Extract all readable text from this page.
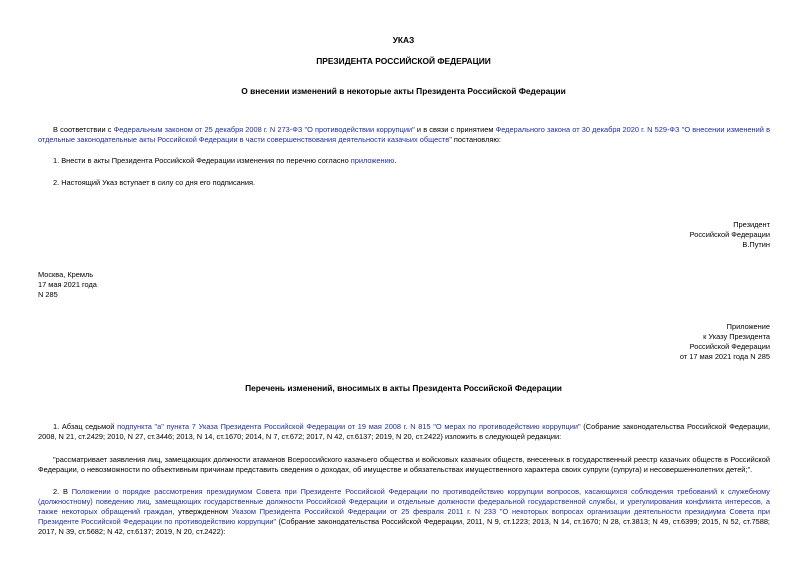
УКАЗ
ПРЕЗИДЕНТА РОССИЙСКОЙ ФЕДЕРАЦИИ
О внесении изменений в некоторые акты Президента Российской Федерации
В соответствии с Федеральным законом от 25 декабря 2008 г. N 273-ФЗ "О противодействии коррупции" и в связи с принятием Федерального закона от 30 декабря 2020 г. N 529-ФЗ "О внесении изменений в отдельные законодательные акты Российской Федерации в части совершенствования деятельности казачьих обществ" постановляю:
1. Внести в акты Президента Российской Федерации изменения по перечню согласно приложению.
2. Настоящий Указ вступает в силу со дня его подписания.
Президент
Российской Федерации
В.Путин
Москва, Кремль
17 мая 2021 года
N 285
Приложение
к Указу Президента
Российской Федерации
от 17 мая 2021 года N 285
Перечень изменений, вносимых в акты Президента Российской Федерации
1. Абзац седьмой подпункта "а" пункта 7 Указа Президента Российской Федерации от 19 мая 2008 г. N 815 "О мерах по противодействию коррупции" (Собрание законодательства Российской Федерации, 2008, N 21, ст.2429; 2010, N 27, ст.3446; 2013, N 14, ст.1670; 2014, N 7, ст.672; 2017, N 42, ст.6137; 2019, N 20, ст.2422) изложить в следующей редакции:
"рассматривает заявления лиц, замещающих должности атаманов Всероссийского казачьего общества и войсковых казачьих обществ, внесенных в государственный реестр казачьих обществ в Российской Федерации, о невозможности по объективным причинам представить сведения о доходах, об имуществе и обязательствах имущественного характера своих супруги (супруга) и несовершеннолетних детей;".
2. В Положении о порядке рассмотрения президиумом Совета при Президенте Российской Федерации по противодействию коррупции вопросов, касающихся соблюдения требований к служебному (должностному) поведению лиц, замещающих государственные должности Российской Федерации и отдельные должности федеральной государственной службы, и урегулирования конфликта интересов, а также некоторых обращений граждан, утвержденном Указом Президента Российской Федерации от 25 февраля 2011 г. N 233 "О некоторых вопросах организации деятельности президиума Совета при Президенте Российской Федерации по противодействию коррупции" (Собрание законодательства Российской Федерации, 2011, N 9, ст.1223; 2013, N 14, ст.1670; N 28, ст.3813; N 49, ст.6399; 2015, N 52, ст.7588; 2017, N 39, ст.5682; N 42, ст.6137; 2019, N 20, ст.2422):
